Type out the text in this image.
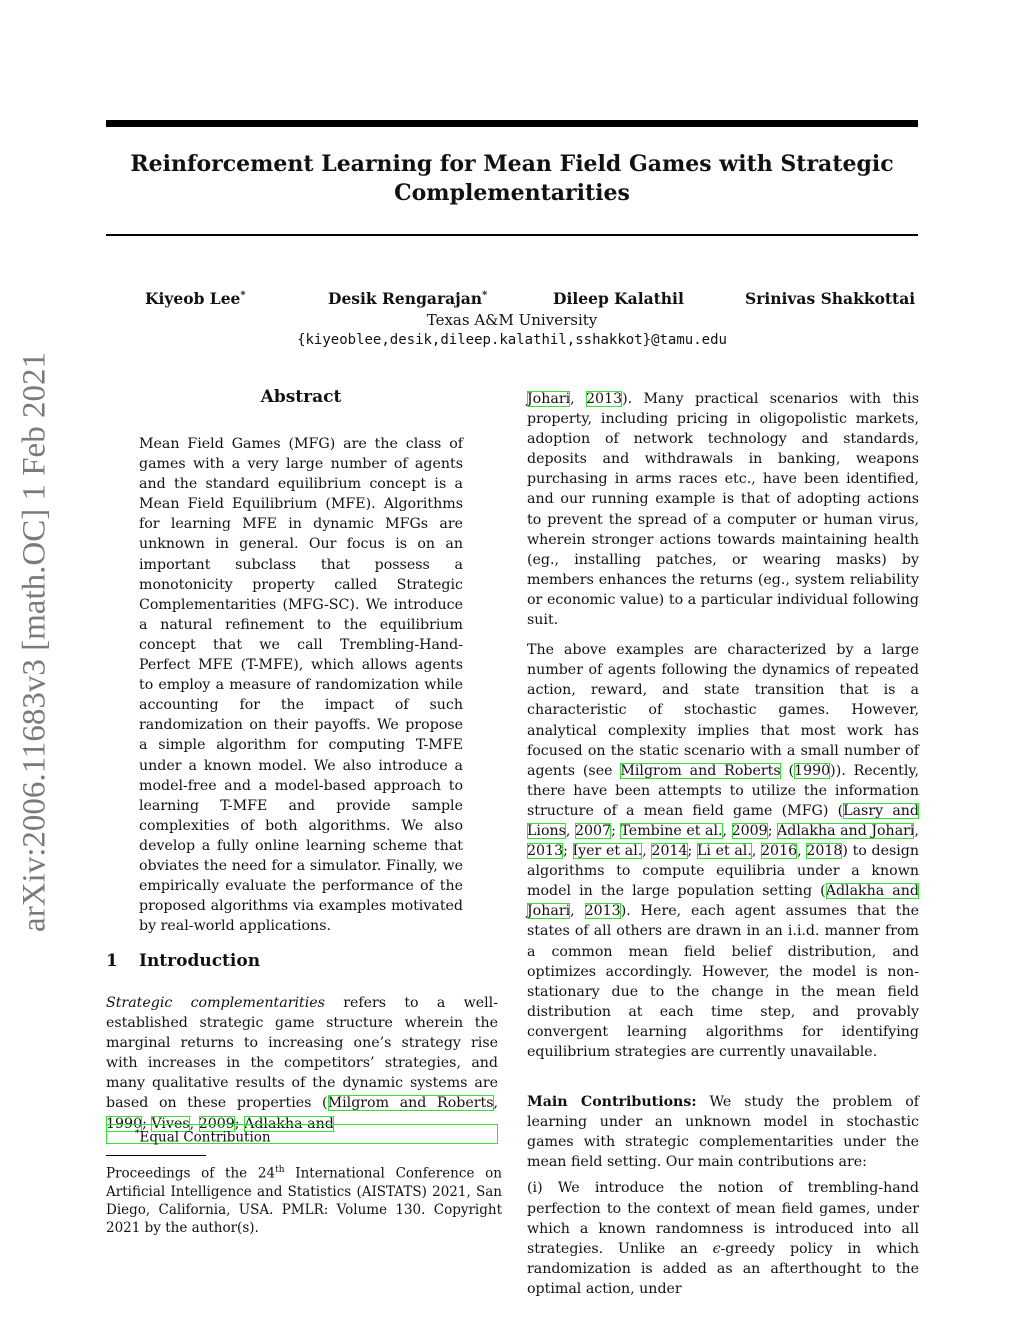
Reinforcement Learning for Mean Field Games with Strategic
Complementarities
Kiyeob Lee*	Desik Rengarajan*	Dileep Kalathil	Srinivas Shakkottai
Texas A&M University
{kiyeoblee,desik,dileep.kalathil,sshakkot}@tamu.edu
arXiv:2006.11683v3 [math.OC] 1 Feb 2021	Abstract
Mean Field Games (MFG) are the class of games with a very large number of agents and the standard equilibrium concept is a Mean Field Equilibrium (MFE). Algorithms for learning MFE in dynamic MFGs are unknown in general. Our focus is on an important subclass that possess a monotonicity property called Strategic Complementarities (MFG-SC). We introduce a natural refinement to the equilibrium concept that we call Trembling-Hand-Perfect MFE (T-MFE), which allows agents to employ a measure of randomization while accounting for the impact of such randomization on their payoffs. We propose a simple algorithm for computing T-MFE under a known model. We also introduce a model-free and a model-based approach to learning T-MFE and provide sample complexities of both algorithms. We also develop a fully online learning scheme that obviates the need for a simulator. Finally, we empirically evaluate the performance of the proposed algorithms via examples motivated by real-world applications.
1 Introduction
Strategic complementarities refers to a well-established strategic game structure wherein the marginal returns to increasing one’s strategy rise with increases in the competitors’ strategies, and many qualitative results of the dynamic systems are based on these properties (Milgrom and Roberts, 1990; Vives, 2009; Adlakha and
*Equal Contribution
Proceedings of the 24th International Conference on Artificial Intelligence and Statistics (AISTATS) 2021, San Diego, California, USA. PMLR: Volume 130. Copyright 2021 by the author(s).

Johari, 2013). Many practical scenarios with this property, including pricing in oligopolistic markets, adoption of network technology and standards, deposits and withdrawals in banking, weapons purchasing in arms races etc., have been identified, and our running example is that of adopting actions to prevent the spread of a computer or human virus, wherein stronger actions towards maintaining health (eg., installing patches, or wearing masks) by members enhances the returns (eg., system reliability or economic value) to a particular individual following suit.

The above examples are characterized by a large number of agents following the dynamics of repeated action, reward, and state transition that is a characteristic of stochastic games. However, analytical complexity implies that most work has focused on the static scenario with a small number of agents (see Milgrom and Roberts (1990)). Recently, there have been attempts to utilize the information structure of a mean field game (MFG) (Lasry and Lions, 2007; Tembine et al., 2009; Adlakha and Johari, 2013; Iyer et al., 2014; Li et al., 2016, 2018) to design algorithms to compute equilibria under a known model in the large population setting (Adlakha and Johari, 2013). Here, each agent assumes that the states of all others are drawn in an i.i.d. manner from a common mean field belief distribution, and optimizes accordingly. However, the model is non-stationary due to the change in the mean field distribution at each time step, and provably convergent learning algorithms for identifying equilibrium strategies are currently unavailable.

Main Contributions: We study the problem of learning under an unknown model in stochastic games with strategic complementarities under the mean field setting. Our main contributions are:

(i) We introduce the notion of trembling-hand perfection to the context of mean field games, under which a known randomness is introduced into all strategies. Unlike an ϵ-greedy policy in which randomization is added as an afterthought to the optimal action, under
